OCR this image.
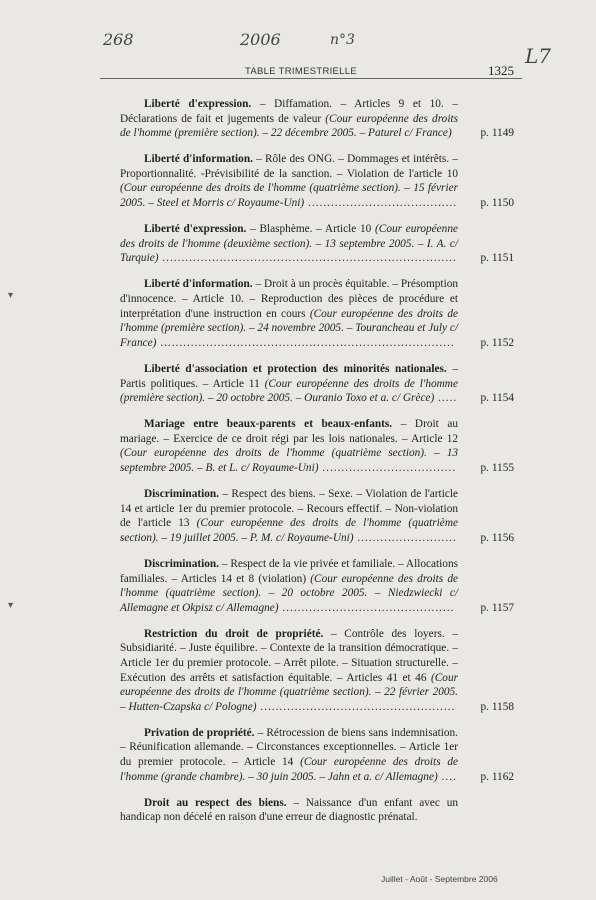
268	2006	n°3
L7
TABLE TRIMESTRIELLE	1325
▾
▾
Liberté d'expression. – Diffamation. – Articles 9 et 10. – Déclarations de fait et jugements de valeur (Cour européenne des droits de l'homme (première section). – 22 décembre 2005. – Paturel c/ France)	p. 1149
Liberté d'information. – Rôle des ONG. – Dommages et intérêts. – Proportionnalité. -Prévisibilité de la sanction. – Violation de l'article 10 (Cour européenne des droits de l'homme (quatrième section). – 15 février 2005. – Steel et Morris c/ Royaume-Uni) .......................................	p. 1150
Liberté d'expression. – Blasphème. – Article 10 (Cour européenne des droits de l'homme (deuxième section). – 13 septembre 2005. – I. A. c/ Turquie) .............................................................................	p. 1151
Liberté d'information. – Droit à un procès équitable. – Présomption d'innocence. – Article 10. – Reproduction des pièces de procédure et interprétation d'une instruction en cours (Cour européenne des droits de l'homme (première section). – 24 novembre 2005. – Tourancheau et July c/ France) .............................................................................	p. 1152
Liberté d'association et protection des minorités nationales. – Partis politiques. – Article 11 (Cour européenne des droits de l'homme (première section). – 20 octobre 2005. – Ouranio Toxo et a. c/ Grèce) .....	p. 1154
Mariage entre beaux-parents et beaux-enfants. – Droit au mariage. – Exercice de ce droit régi par les lois nationales. – Article 12 (Cour européenne des droits de l'homme (quatrième section). – 13 septembre 2005. – B. et L. c/ Royaume-Uni) ...................................	p. 1155
Discrimination. – Respect des biens. – Sexe. – Violation de l'article 14 et article 1er du premier protocole. – Recours effectif. – Non-violation de l'article 13 (Cour européenne des droits de l'homme (quatrième section). – 19 juillet 2005. – P. M. c/ Royaume-Uni) ..........................	p. 1156
Discrimination. – Respect de la vie privée et familiale. – Allocations familiales. – Articles 14 et 8 (violation) (Cour européenne des droits de l'homme (quatrième section). – 20 octobre 2005. – Niedzwiecki c/ Allemagne et Okpisz c/ Allemagne) .............................................	p. 1157
Restriction du droit de propriété. – Contrôle des loyers. – Subsidiarité. – Juste équilibre. – Contexte de la transition démocratique. – Article 1er du premier protocole. – Arrêt pilote. – Situation structurelle. – Exécution des arrêts et satisfaction équitable. – Articles 41 et 46 (Cour européenne des droits de l'homme (quatrième section). – 22 février 2005. – Hutten-Czapska c/ Pologne) ...................................................	p. 1158
Privation de propriété. – Rétrocession de biens sans indemnisation. – Réunification allemande. – Circonstances exceptionnelles. – Article 1er du premier protocole. – Article 14 (Cour européenne des droits de l'homme (grande chambre). – 30 juin 2005. – Jahn et a. c/ Allemagne) ....	p. 1162
Droit au respect des biens. – Naissance d'un enfant avec un handicap non décelé en raison d'une erreur de diagnostic prénatal.
Juillet - Août - Septembre 2006
